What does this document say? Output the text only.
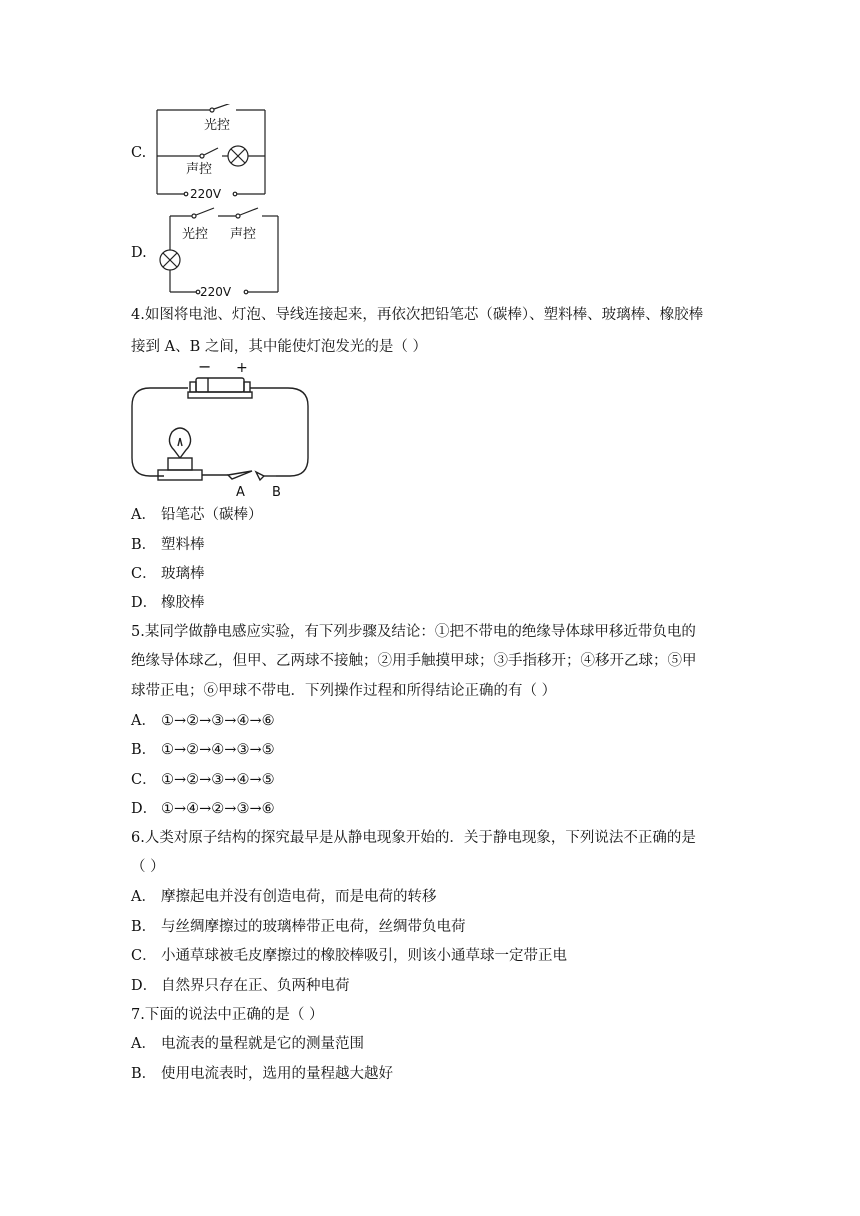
C.
光控
声控
220V
D.
光控 声控
220V
4.如图将电池、灯泡、导线连接起来，再依次把铅笔芯（碳棒）、塑料棒、玻璃棒、橡胶棒
接到 A、B 之间，其中能使灯泡发光的是（ ）
− +
A B
A． 铅笔芯（碳棒）
B． 塑料棒
C． 玻璃棒
D． 橡胶棒
5.某同学做静电感应实验，有下列步骤及结论：①把不带电的绝缘导体球甲移近带负电的
绝缘导体球乙，但甲、乙两球不接触；②用手触摸甲球；③手指移开；④移开乙球；⑤甲
球带正电；⑥甲球不带电．下列操作过程和所得结论正确的有（ ）
A． ①→②→③→④→⑥
B． ①→②→④→③→⑤
C． ①→②→③→④→⑤
D． ①→④→②→③→⑥
6.人类对原子结构的探究最早是从静电现象开始的．关于静电现象，下列说法不正确的是
（ ）
A． 摩擦起电并没有创造电荷，而是电荷的转移
B． 与丝绸摩擦过的玻璃棒带正电荷，丝绸带负电荷
C． 小通草球被毛皮摩擦过的橡胶棒吸引，则该小通草球一定带正电
D． 自然界只存在正、负两种电荷
7.下面的说法中正确的是（ ）
A． 电流表的量程就是它的测量范围
B． 使用电流表时，选用的量程越大越好
